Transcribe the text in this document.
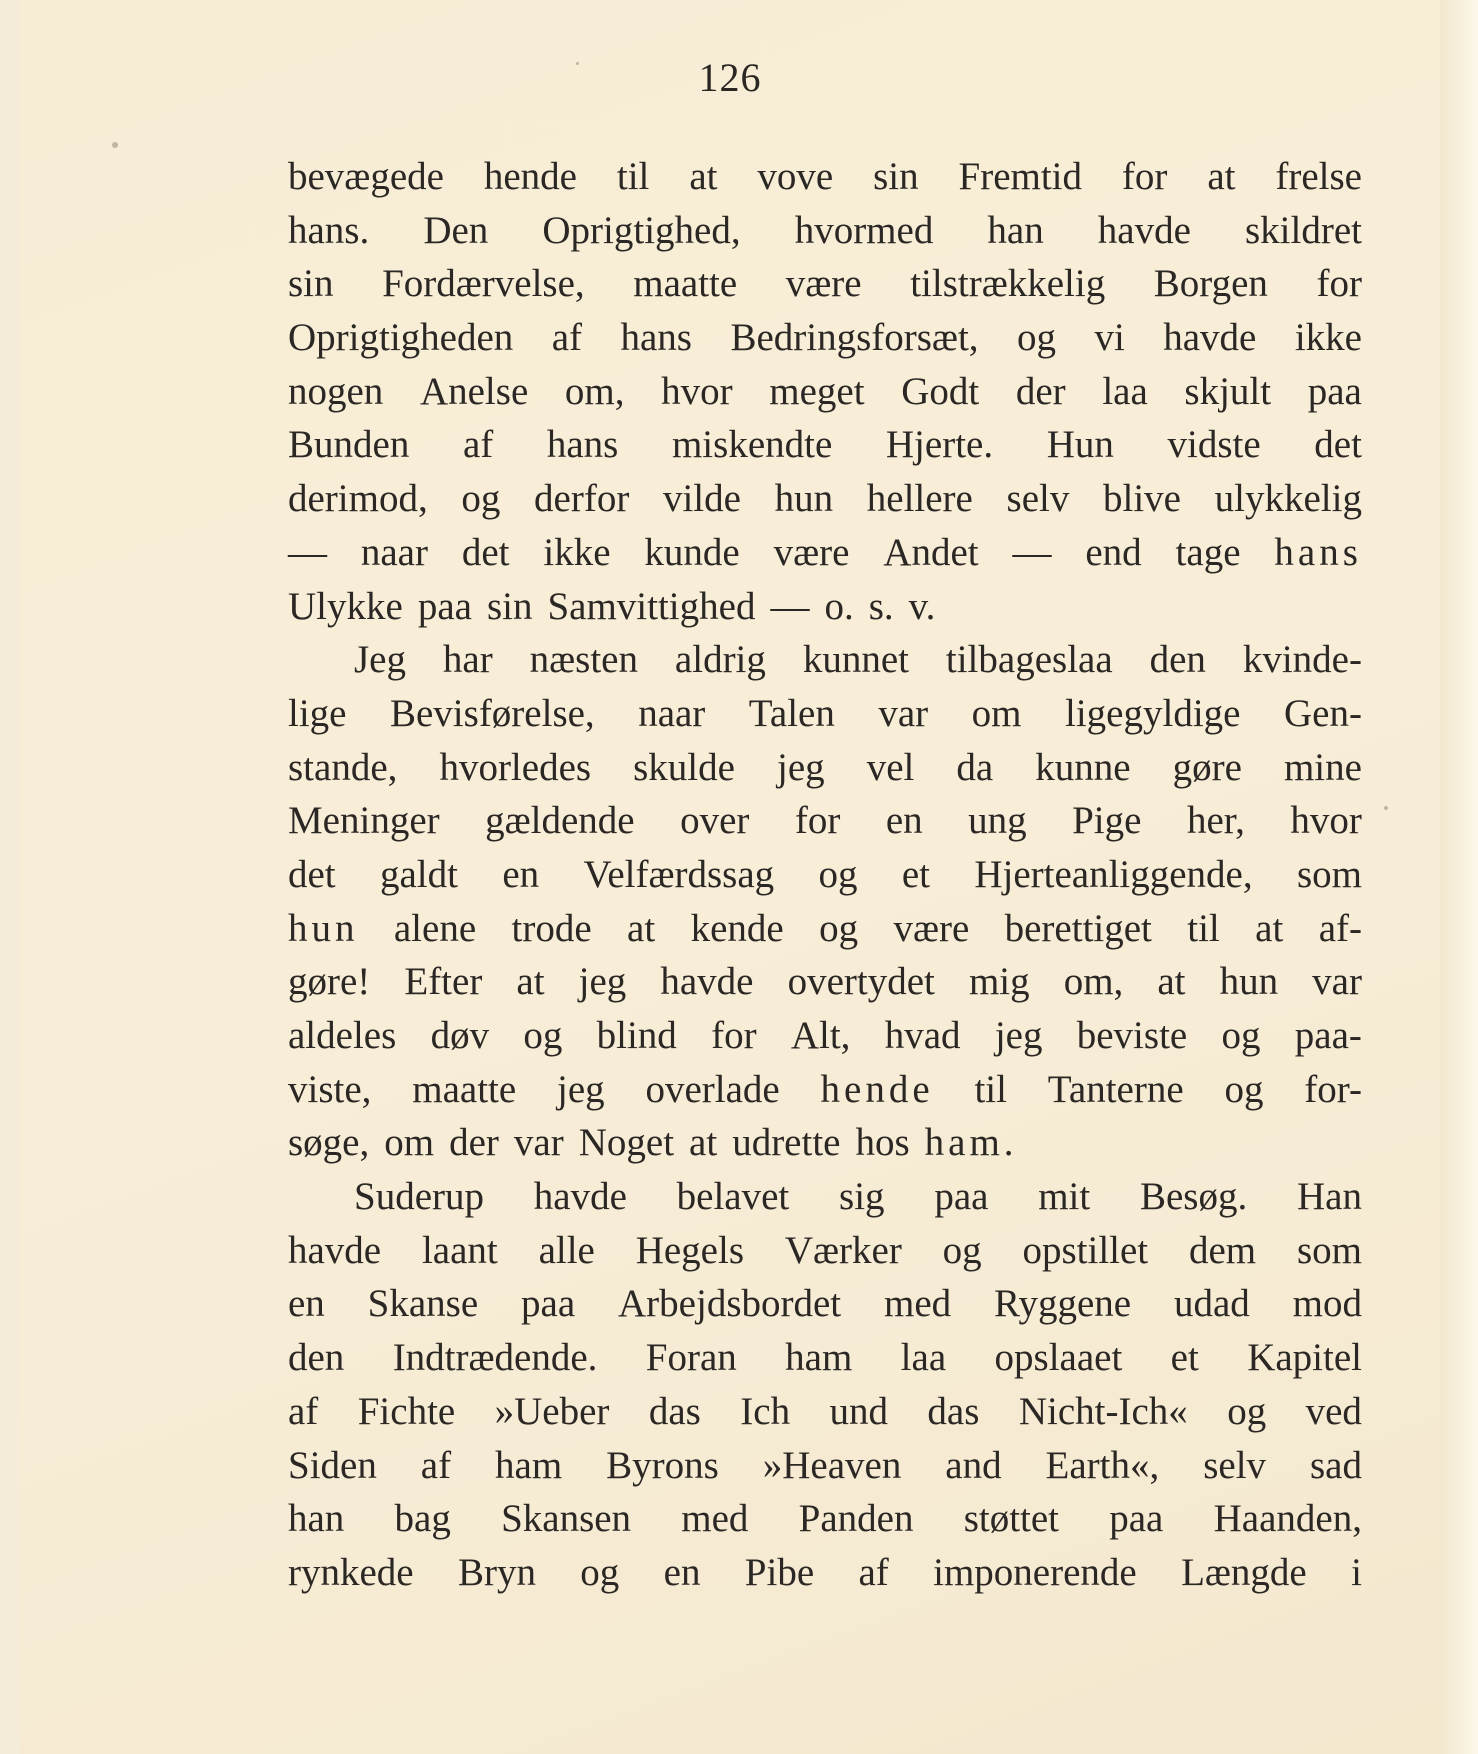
126
bevægede hende til at vove sin Fremtid for at frelse
hans. Den Oprigtighed, hvormed han havde skildret
sin Fordærvelse, maatte være tilstrækkelig Borgen for
Oprigtigheden af hans Bedringsforsæt, og vi havde ikke
nogen Anelse om, hvor meget Godt der laa skjult paa
Bunden af hans miskendte Hjerte. Hun vidste det
derimod, og derfor vilde hun hellere selv blive ulykkelig
— naar det ikke kunde være Andet — end tage hans
Ulykke paa sin Samvittighed — o. s. v.
Jeg har næsten aldrig kunnet tilbageslaa den kvinde-
lige Bevisførelse, naar Talen var om ligegyldige Gen-
stande, hvorledes skulde jeg vel da kunne gøre mine
Meninger gældende over for en ung Pige her, hvor
det galdt en Velfærdssag og et Hjerteanliggende, som
hun alene trode at kende og være berettiget til at af-
gøre! Efter at jeg havde overtydet mig om, at hun var
aldeles døv og blind for Alt, hvad jeg beviste og paa-
viste, maatte jeg overlade hende til Tanterne og for-
søge, om der var Noget at udrette hos ham.
Suderup havde belavet sig paa mit Besøg. Han
havde laant alle Hegels Værker og opstillet dem som
en Skanse paa Arbejdsbordet med Ryggene udad mod
den Indtrædende. Foran ham laa opslaaet et Kapitel
af Fichte »Ueber das Ich und das Nicht-Ich« og ved
Siden af ham Byrons »Heaven and Earth«, selv sad
han bag Skansen med Panden støttet paa Haanden,
rynkede Bryn og en Pibe af imponerende Længde i
